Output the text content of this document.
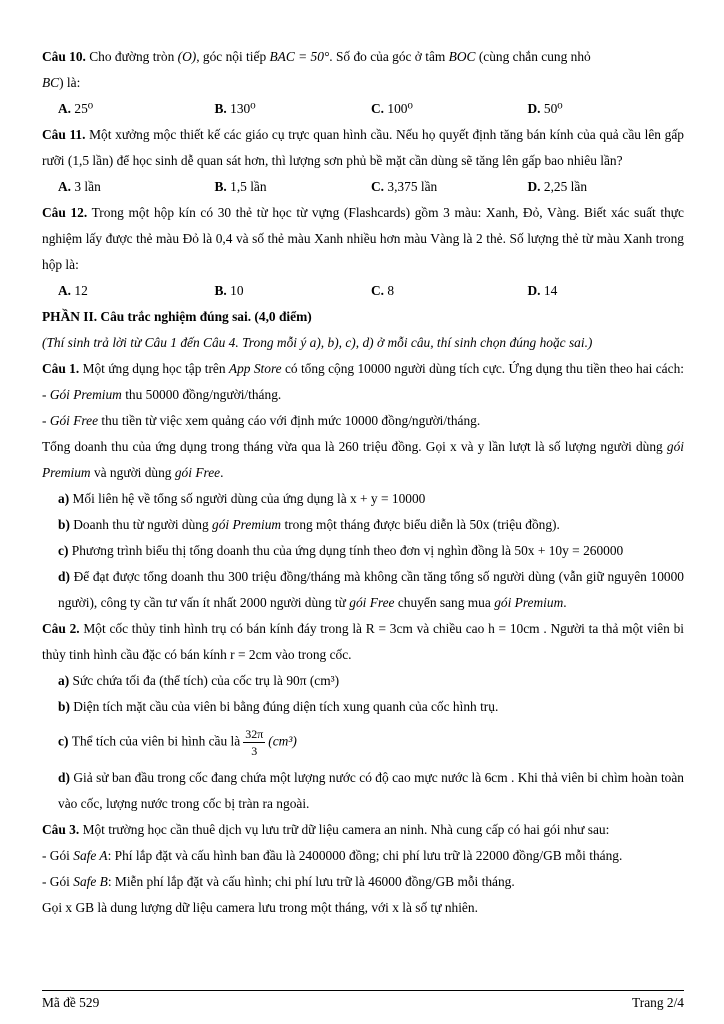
Câu 10. Cho đường tròn (O), góc nội tiếp BAC = 50°. Số đo của góc ở tâm BOC (cùng chắn cung nhỏ
BC) là:
A. 25⁰	B. 130⁰	C. 100⁰	D. 50⁰
Câu 11. Một xưởng mộc thiết kế các giáo cụ trực quan hình cầu. Nếu họ quyết định tăng bán kính của quả cầu lên gấp rưỡi (1,5 lần) để học sinh dễ quan sát hơn, thì lượng sơn phủ bề mặt cần dùng sẽ tăng lên gấp bao nhiêu lần?
A. 3 lần	B. 1,5 lần	C. 3,375 lần	D. 2,25 lần
Câu 12. Trong một hộp kín có 30 thẻ từ học từ vựng (Flashcards) gồm 3 màu: Xanh, Đỏ, Vàng. Biết xác suất thực nghiệm lấy được thẻ màu Đỏ là 0,4 và số thẻ màu Xanh nhiều hơn màu Vàng là 2 thẻ. Số lượng thẻ từ màu Xanh trong hộp là:
A. 12	B. 10	C. 8	D. 14
PHẦN II. Câu trắc nghiệm đúng sai. (4,0 điểm)
(Thí sinh trả lời từ Câu 1 đến Câu 4. Trong mỗi ý a), b), c), d) ở mỗi câu, thí sinh chọn đúng hoặc sai.)
Câu 1. Một ứng dụng học tập trên App Store có tổng cộng 10000 người dùng tích cực. Ứng dụng thu tiền theo hai cách:
- Gói Premium thu 50000 đồng/người/tháng.
- Gói Free thu tiền từ việc xem quảng cáo với định mức 10000 đồng/người/tháng.
Tổng doanh thu của ứng dụng trong tháng vừa qua là 260 triệu đồng. Gọi x và y lần lượt là số lượng người dùng gói Premium và người dùng gói Free.
a) Mối liên hệ về tổng số người dùng của ứng dụng là x + y = 10000
b) Doanh thu từ người dùng gói Premium trong một tháng được biểu diễn là 50x (triệu đồng).
c) Phương trình biểu thị tổng doanh thu của ứng dụng tính theo đơn vị nghìn đồng là 50x + 10y = 260000
d) Để đạt được tổng doanh thu 300 triệu đồng/tháng mà không cần tăng tổng số người dùng (vẫn giữ nguyên 10000 người), công ty cần tư vấn ít nhất 2000 người dùng từ gói Free chuyển sang mua gói Premium.
Câu 2. Một cốc thủy tinh hình trụ có bán kính đáy trong là R = 3cm và chiều cao h = 10cm . Người ta thả một viên bi thủy tinh hình cầu đặc có bán kính r = 2cm vào trong cốc.
a) Sức chứa tối đa (thể tích) của cốc trụ là 90π (cm³)
b) Diện tích mặt cầu của viên bi bằng đúng diện tích xung quanh của cốc hình trụ.
c) Thể tích của viên bi hình cầu là $\frac{32\pi}{3} (cm^3)$
d) Giả sử ban đầu trong cốc đang chứa một lượng nước có độ cao mực nước là 6cm . Khi thả viên bi chìm hoàn toàn vào cốc, lượng nước trong cốc bị tràn ra ngoài.
Câu 3. Một trường học cần thuê dịch vụ lưu trữ dữ liệu camera an ninh. Nhà cung cấp có hai gói như sau:
- Gói Safe A: Phí lắp đặt và cấu hình ban đầu là 2400000 đồng; chi phí lưu trữ là 22000 đồng/GB mỗi tháng.
- Gói Safe B: Miễn phí lắp đặt và cấu hình; chi phí lưu trữ là 46000 đồng/GB mỗi tháng.
Gọi x GB là dung lượng dữ liệu camera lưu trong một tháng, với x là số tự nhiên.
Mã đề 529	Trang 2/4
